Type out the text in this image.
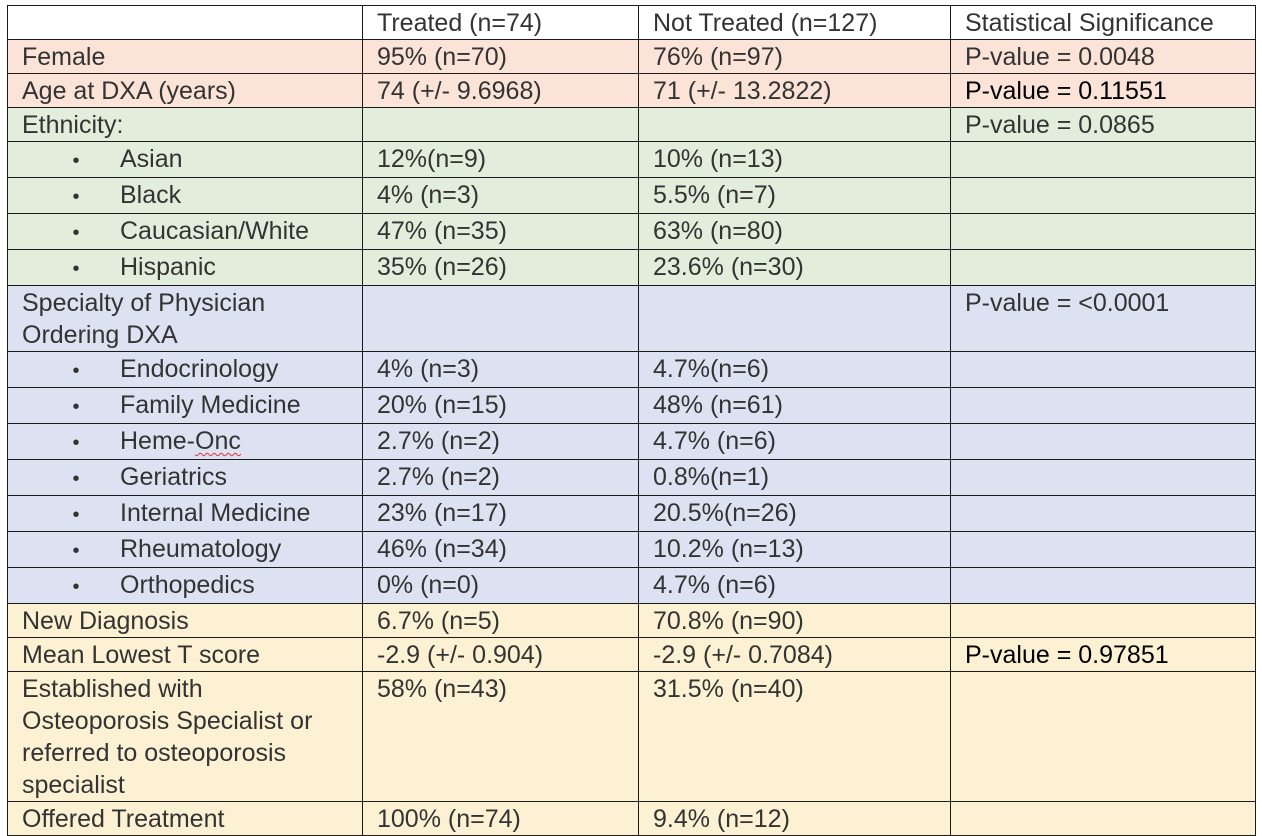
	Treated (n=74)	Not Treated (n=127)	Statistical Significance
Female	95% (n=70)	76% (n=97)	P-value = 0.0048
Age at DXA (years)	74 (+/- 9.6968)	71 (+/- 13.2822)	P-value = 0.11551
Ethnicity:			P-value = 0.0865
• Asian	12%(n=9)	10% (n=13)	
• Black	4% (n=3)	5.5% (n=7)	
• Caucasian/White	47% (n=35)	63% (n=80)	
• Hispanic	35% (n=26)	23.6% (n=30)	
Specialty of Physician Ordering DXA			P-value = <0.0001
• Endocrinology	4% (n=3)	4.7%(n=6)	
• Family Medicine	20% (n=15)	48% (n=61)	
• Heme-Onc	2.7% (n=2)	4.7% (n=6)	
• Geriatrics	2.7% (n=2)	0.8%(n=1)	
• Internal Medicine	23% (n=17)	20.5%(n=26)	
• Rheumatology	46% (n=34)	10.2% (n=13)	
• Orthopedics	0% (n=0)	4.7% (n=6)	
New Diagnosis	6.7% (n=5)	70.8% (n=90)	
Mean Lowest T score	-2.9 (+/- 0.904)	-2.9 (+/- 0.7084)	P-value = 0.97851
Established with Osteoporosis Specialist or referred to osteoporosis specialist	58% (n=43)	31.5% (n=40)	
Offered Treatment	100% (n=74)	9.4% (n=12)	
